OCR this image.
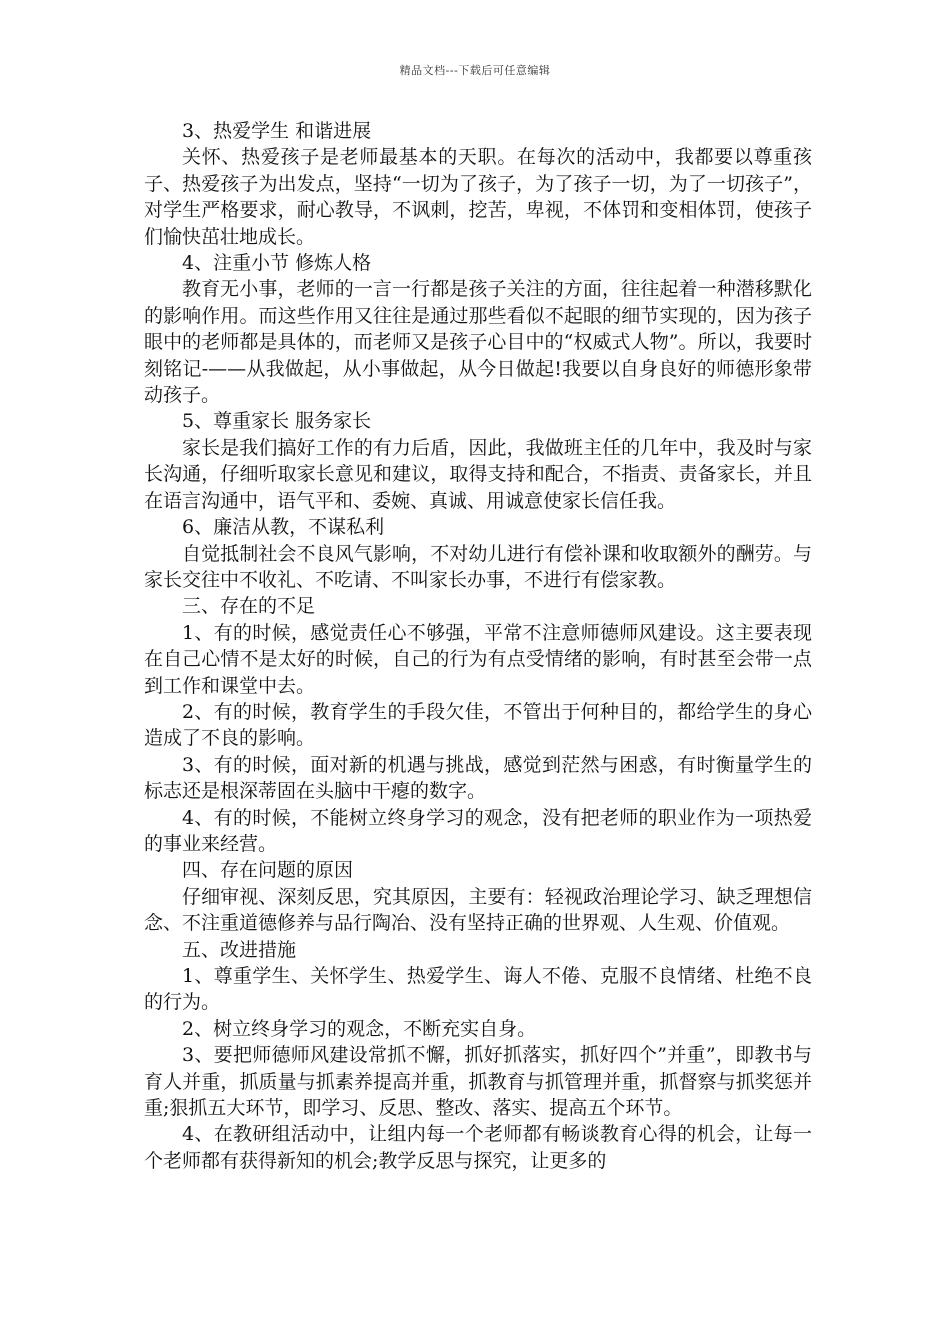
精品文档---下载后可任意编辑

3、热爱学生 和谐进展

关怀、热爱孩子是老师最基本的天职。在每次的活动中，我都要以尊重孩子、热爱孩子为出发点，坚持“一切为了孩子，为了孩子一切，为了一切孩子”，对学生严格要求，耐心教导，不讽刺，挖苦，卑视，不体罚和变相体罚，使孩子们愉快茁壮地成长。

4、注重小节 修炼人格

教育无小事，老师的一言一行都是孩子关注的方面，往往起着一种潜移默化的影响作用。而这些作用又往往是通过那些看似不起眼的细节实现的，因为孩子眼中的老师都是具体的，而老师又是孩子心目中的“权威式人物”。所以，我要时刻铭记-——从我做起，从小事做起，从今日做起!我要以自身良好的师德形象带动孩子。

5、尊重家长 服务家长

家长是我们搞好工作的有力后盾，因此，我做班主任的几年中，我及时与家长沟通，仔细听取家长意见和建议，取得支持和配合，不指责、责备家长，并且在语言沟通中，语气平和、委婉、真诚、用诚意使家长信任我。

6、廉洁从教，不谋私利

自觉抵制社会不良风气影响，不对幼儿进行有偿补课和收取额外的酬劳。与家长交往中不收礼、不吃请、不叫家长办事，不进行有偿家教。

三、存在的不足

1、有的时候，感觉责任心不够强，平常不注意师德师风建设。这主要表现在自己心情不是太好的时候，自己的行为有点受情绪的影响，有时甚至会带一点到工作和课堂中去。

2、有的时候，教育学生的手段欠佳，不管出于何种目的，都给学生的身心造成了不良的影响。

3、有的时候，面对新的机遇与挑战，感觉到茫然与困惑，有时衡量学生的标志还是根深蒂固在头脑中干瘪的数字。

4、有的时候，不能树立终身学习的观念，没有把老师的职业作为一项热爱的事业来经营。

四、存在问题的原因

仔细审视、深刻反思，究其原因，主要有：轻视政治理论学习、缺乏理想信念、不注重道德修养与品行陶冶、没有坚持正确的世界观、人生观、价值观。

五、改进措施

1、尊重学生、关怀学生、热爱学生、诲人不倦、克服不良情绪、杜绝不良的行为。

2、树立终身学习的观念，不断充实自身。

3、要把师德师风建设常抓不懈，抓好抓落实，抓好四个”并重”，即教书与育人并重，抓质量与抓素养提高并重，抓教育与抓管理并重，抓督察与抓奖惩并重;狠抓五大环节，即学习、反思、整改、落实、提高五个环节。

4、在教研组活动中，让组内每一个老师都有畅谈教育心得的机会，让每一个老师都有获得新知的机会;教学反思与探究，让更多的
